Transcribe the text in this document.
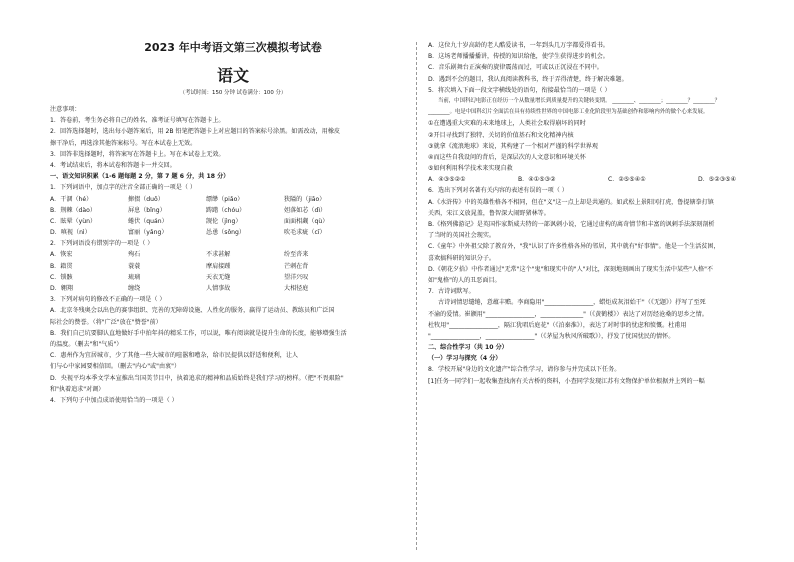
2023 年中考语文第三次模拟考试卷
语文
（考试时间：150 分钟 试卷满分：100 分）
注意事项：
1．答卷前，考生务必将自己的姓名、准考证号填写在答题卡上。
2．回答选择题时，选出每小题答案后，用 2B 铅笔把答题卡上对应题目的答案标号涂黑。如需改动，用橡皮
擦干净后，再选涂其他答案标号。写在本试卷上无效。
3．回答非选择题时，将答案写在答题卡上。写在本试卷上无效。
4．考试结束后，将本试卷和答题卡一并交回。
一、语文知识积累（1-6 题每题 2 分，第 7 题 6 分，共 18 分）
1．下列词语中，加点字的注音全部正确的一项是（ ）
A．干涸（hé）	撺掇（duō）	缥缈（piǎo）	狭隘的（jiāo）
B．荆棘（dào）	屏息（bǐng）	踌躇（chóu）	妲落如芯（dì）
C．眩晕（yùn）	蜷伏（quán）	觊伦（jìng）	面面相觑（qù）
D．嗔视（nì）	富丽（yǎng）	怂恿（sǒng）	吹毛求疵（cī）
2．下列词语没有错别字的一项是（ ）
A．恢宏	殉石	不求甚解	纷至沓来
B．籍贯	蓑蓑	摩肩接踵	芒刺在背
C．锁骸	琉璃	天衣无缝	望洋兴叹
D．翱翔	缠绕	人情事故	大相径庭
3．下列对病句的修改不正确的一项是（ ）
A．北京冬残奥会以出色的赛事组织、完善的无障碍设施、人性化的服务，赢得了运动员、教练员和广泛国
际社会的赞誉。（将"广泛"放在"赞誉"前）
B．我们自己坑要脚认直地做好手中拍年抖的精采工作，可以说，唯有阅读就是提升生命的长度，能够增强生活
的温度。（删去"和"气质"）
C．惠州作为宜居城市，少了其他一些大城市的喧嚣和嘈杂，给市民提供以舒适和便利，让人
们与心中家园要相信回。（删去"内心"或"由衷"）
D．央视平均本季文学本宣推出当国美节目中，执着追求的精神和品质始终是我们学习的榜样。（把"不畏艰险"
和"执着追求"对调）
4．下列句子中加点成语使用恰当的一项是（ ）
A．这位九十岁高龄的老人酷爱读书，一年到头几万字都爱得看书。
B．这场老师播播播讲，传授的知识给他，使学生获得进步的机会。
C．音乐剧舞台正演奏的旋律震荡而过，可或以正沉浸在不同中。
D．遇到不会的题目，我认真阅读教科书，终于弄得清楚，终于解决难题。
5．将次填入下面一段文字横线处的语句，衔接最恰当的一项是（ ）
当前，中国科幻电影正在经历一个从数量增长到质量提升的关键转变期。 ________、________；________？________？
________。电是中国科幻片全面活在具有持续性世界的中国电影工业化阶段里为基础创作和影响内外的做个心来发展。
①在遭遇重大灾难的未来地球上，人类社会取得崩坏的同时
②开目寻找到了独特、关切的价值基石和文化精神内核
③就拿《流浪地球》来说，其构建了一个相对严谨的科学世界观
④而这些自我设问的背后，是深层次的人文意识和环境关怀
⑤如何利用科学技术来实现自救
A．④③⑤②①	B．④①⑤③②	C．②⑤⑤④①	D．⑤②③⑤④
6．选出下列对名著有关内容的表述有误的一项（ ）
A.《水浒传》中的英雄性格各不相同，但在"义"这一点上却是共通的。如武松上景阳冈打虎，鲁提辖拳打镇
关西，宋江义放晁盖，鲁智深大闹野猪林等。
B.《格列佛游记》是英国作家斯威夫特的一部讽刺小说，它通过虚构的离奇情节和丰富的讽刺手法深刻剖析
了当时的英国社会现实。
C.《童年》中外祖父除了教育外，"我"认识了许多性格各异的邻居，其中就有"好事情"。他是一个生活贫困，
喜欢搞科研的知识分子。
D.《朝花夕拾》中作者通过"无常"这个"鬼"和现实中的"人"对比，深刻地刻画出了现实生活中某些"人格"不
如"鬼格"的人的丑恶面目。
7．古诗词默写。
古诗词情思缱绻，意蕴丰赡。李商隐用"________________，蜡炬成灰泪始干"（《无题》）抒写了至死
不渝的爱情。崔颢用"________________，______________"（《黄鹤楼》）表达了对历经沧桑的思乡之情。
杜牧用"________________，隔江犹唱后庭花"（《泊秦淮》），表达了对时事的忧虑和愤慨。杜甫用
"________________，________________"（《茅屋为秋风所破歌》），抒发了忧国忧民的情怀。
二、综合性学习（共 10 分）
（一）学习与探究（4 分）
8．学校开展"身边的文化遗产"综合性学习，请你参与并完成以下任务。
[1]任务一同学们一起收集查找南有关古桥的资料，小查同学发现江苏有文物保护单位根据并上列的一幅
